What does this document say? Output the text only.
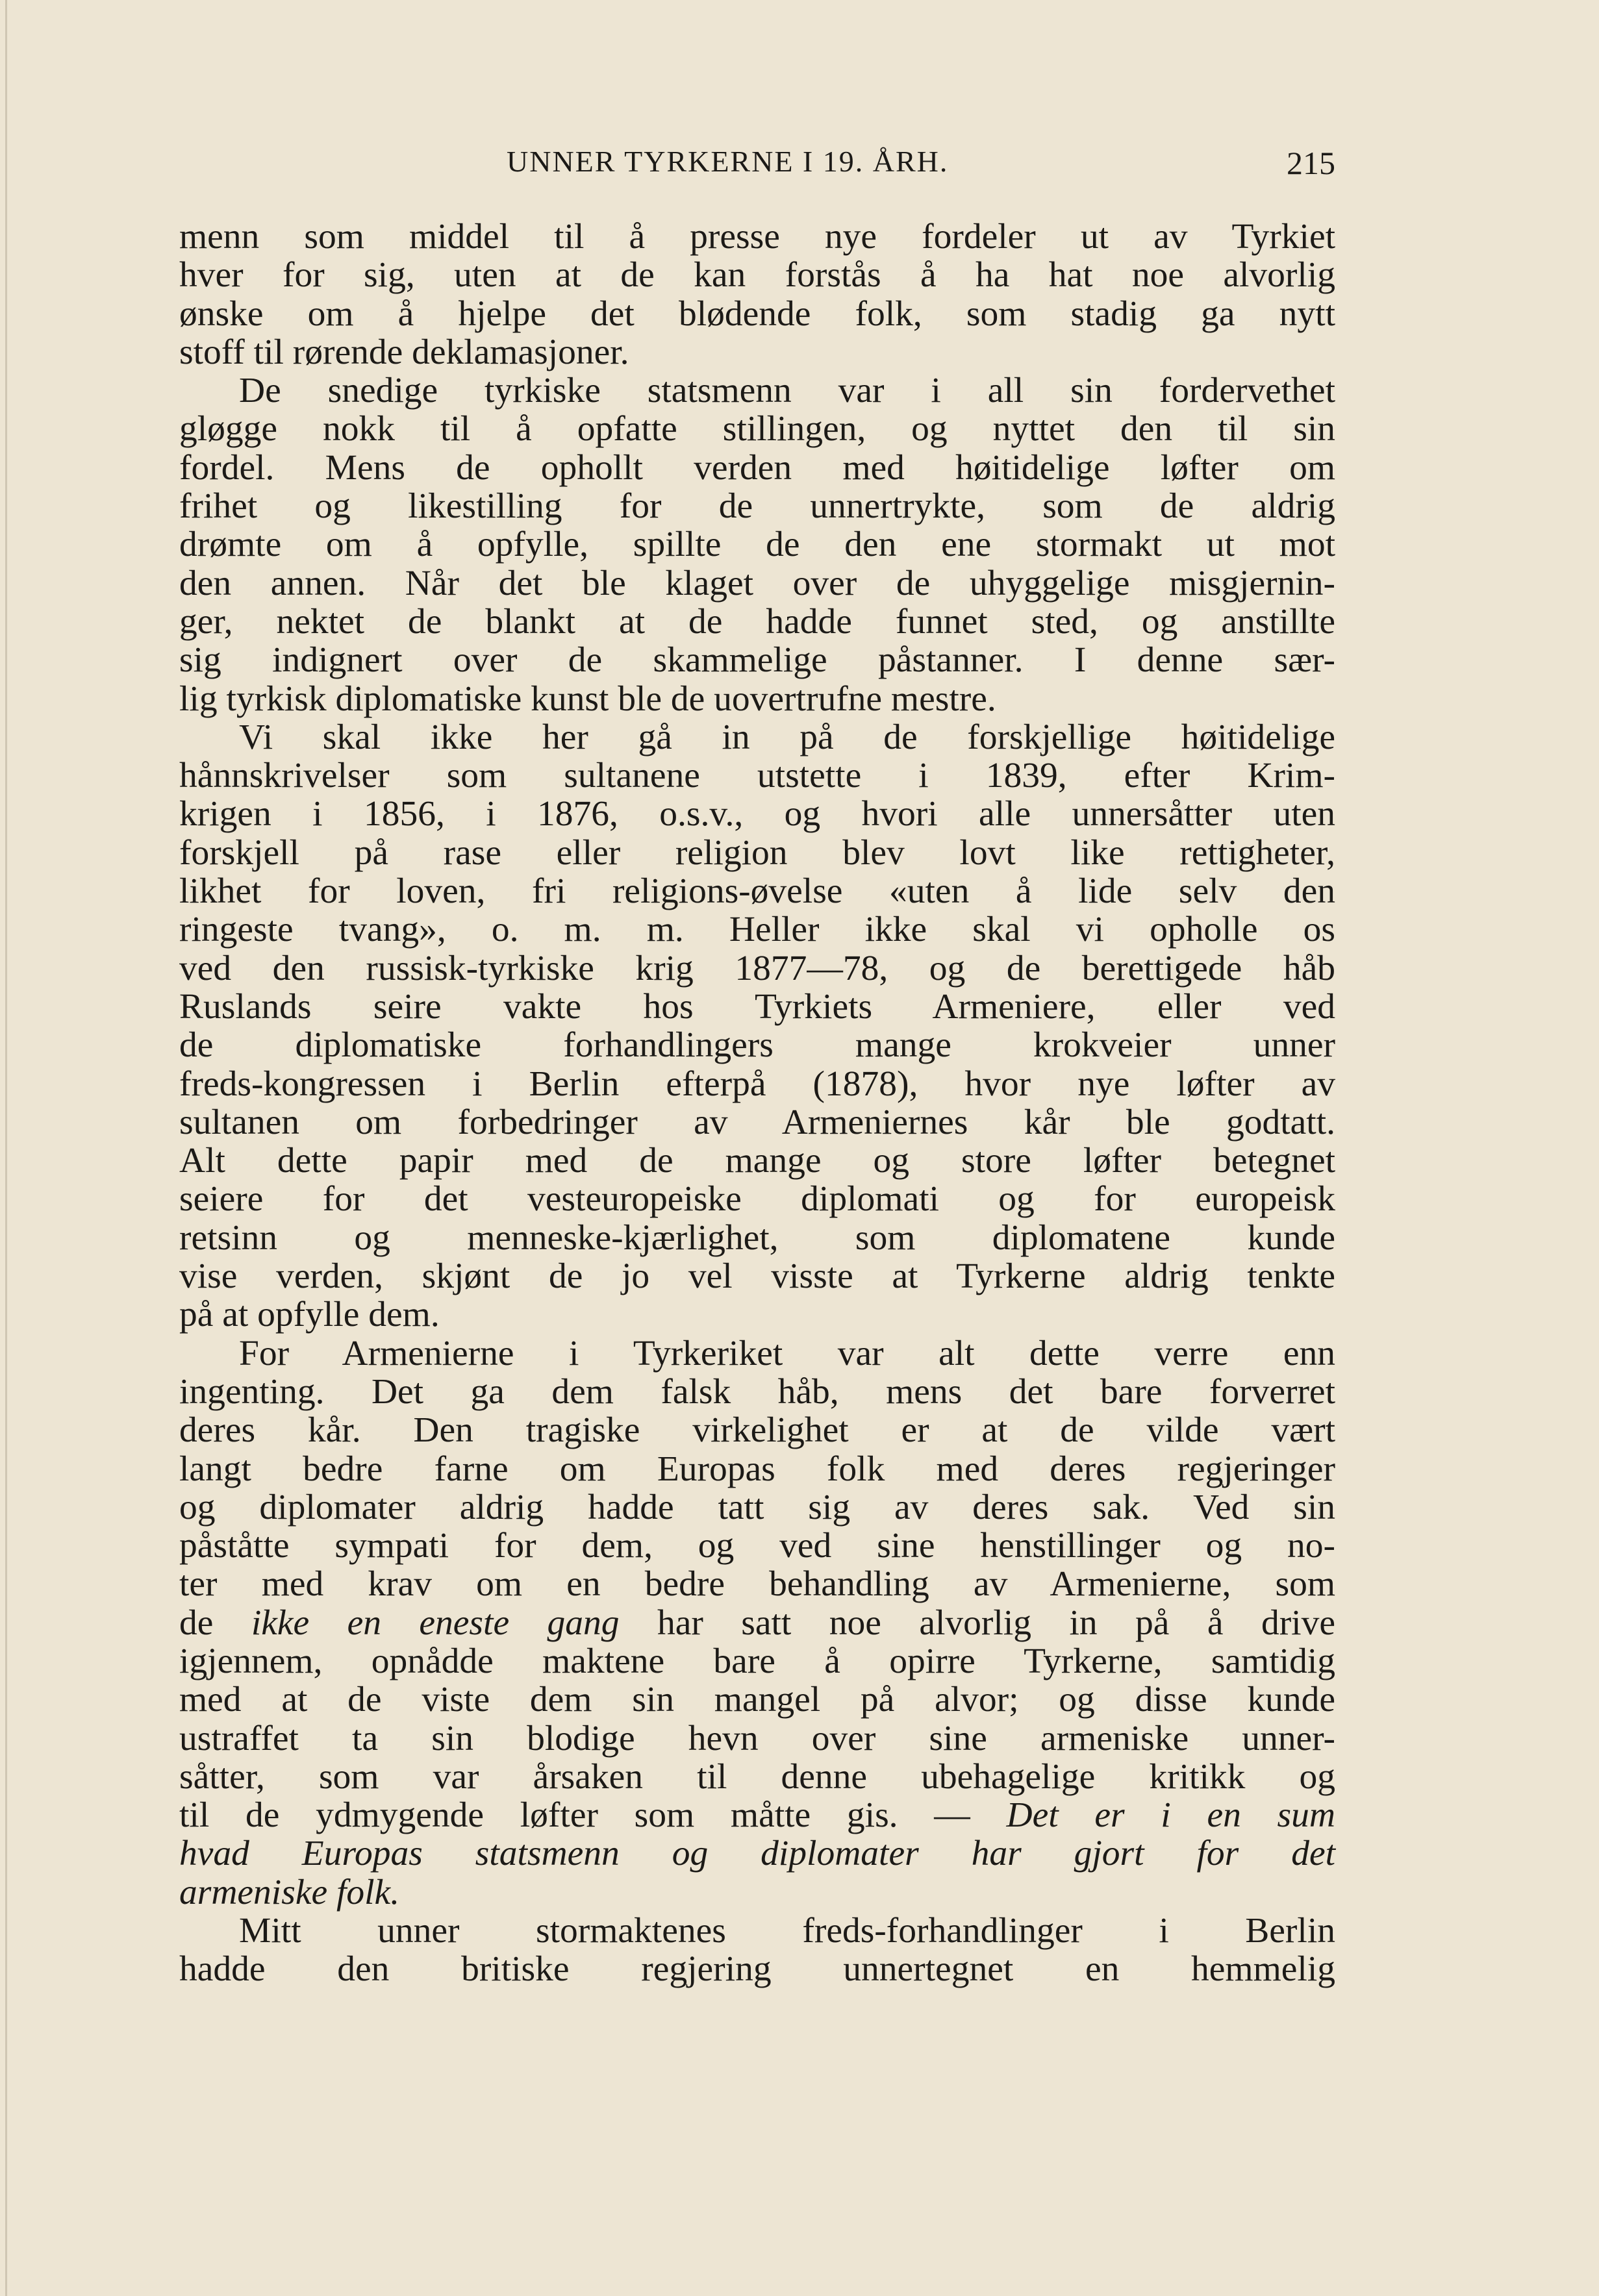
UNNER TYRKERNE I 19. ÅRH.	215
menn som middel til å presse nye fordeler ut av Tyrkiet
hver for sig, uten at de kan forstås å ha hat noe alvorlig
ønske om å hjelpe det blødende folk, som stadig ga nytt
stoff til rørende deklamasjoner.
De snedige tyrkiske statsmenn var i all sin fordervethet
gløgge nokk til å opfatte stillingen, og nyttet den til sin
fordel. Mens de ophollt verden med høitidelige løfter om
frihet og likestilling for de unnertrykte, som de aldrig
drømte om å opfylle, spillte de den ene stormakt ut mot
den annen. Når det ble klaget over de uhyggelige misgjernin-
ger, nektet de blankt at de hadde funnet sted, og anstillte
sig indignert over de skammelige påstanner. I denne sær-
lig tyrkisk diplomatiske kunst ble de uovertrufne mestre.
Vi skal ikke her gå in på de forskjellige høitidelige
hånnskrivelser som sultanene utstette i 1839, efter Krim-
krigen i 1856, i 1876, o.s.v., og hvori alle unnersåtter uten
forskjell på rase eller religion blev lovt like rettigheter,
likhet for loven, fri religions-øvelse «uten å lide selv den
ringeste tvang», o. m. m. Heller ikke skal vi opholle os
ved den russisk-tyrkiske krig 1877—78, og de berettigede håb
Ruslands seire vakte hos Tyrkiets Armeniere, eller ved
de diplomatiske forhandlingers mange krokveier unner
freds-kongressen i Berlin efterpå (1878), hvor nye løfter av
sultanen om forbedringer av Armeniernes kår ble godtatt.
Alt dette papir med de mange og store løfter betegnet
seiere for det vesteuropeiske diplomati og for europeisk
retsinn og menneske-kjærlighet, som diplomatene kunde
vise verden, skjønt de jo vel visste at Tyrkerne aldrig tenkte
på at opfylle dem.
For Armenierne i Tyrkeriket var alt dette verre enn
ingenting. Det ga dem falsk håb, mens det bare forverret
deres kår. Den tragiske virkelighet er at de vilde vært
langt bedre farne om Europas folk med deres regjeringer
og diplomater aldrig hadde tatt sig av deres sak. Ved sin
påståtte sympati for dem, og ved sine henstillinger og no-
ter med krav om en bedre behandling av Armenierne, som
de ikke en eneste gang har satt noe alvorlig in på å drive
igjennem, opnådde maktene bare å opirre Tyrkerne, samtidig
med at de viste dem sin mangel på alvor; og disse kunde
ustraffet ta sin blodige hevn over sine armeniske unner-
såtter, som var årsaken til denne ubehagelige kritikk og
til de ydmygende løfter som måtte gis. — Det er i en sum
hvad Europas statsmenn og diplomater har gjort for det
armeniske folk.
Mitt unner stormaktenes freds-forhandlinger i Berlin
hadde den britiske regjering unnertegnet en hemmelig
